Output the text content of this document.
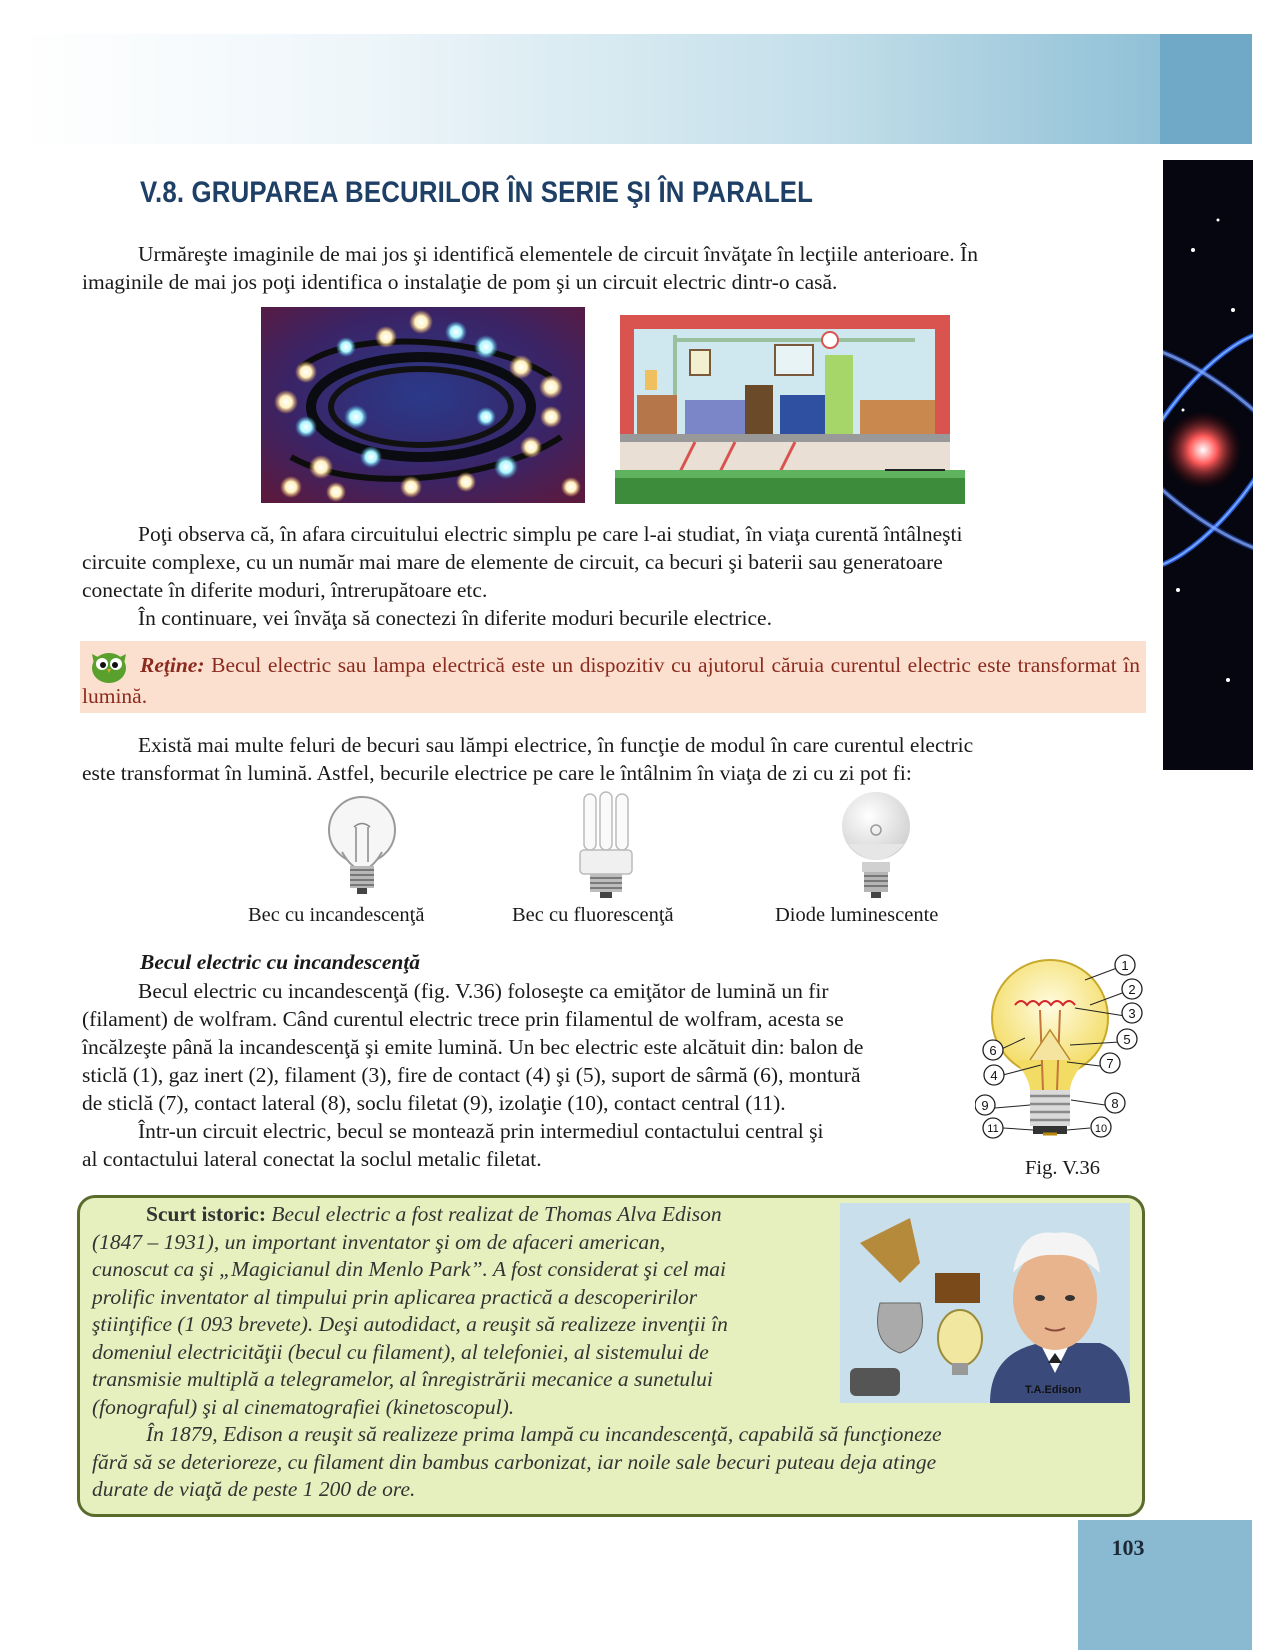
103
V.8. GRUPAREA BECURILOR ÎN SERIE ŞI ÎN PARALEL
Urmăreşte imaginile de mai jos şi identifică elementele de circuit învăţate în lecţiile anterioare. În
imaginile de mai jos poţi identifica o instalaţie de pom şi un circuit electric dintr-o casă.
Poţi observa că, în afara circuitului electric simplu pe care l-ai studiat, în viaţa curentă întâlneşti
circuite complexe, cu un număr mai mare de elemente de circuit, ca becuri şi baterii sau generatoare
conectate în diferite moduri, întrerupătoare etc.
În continuare, vei învăţa să conectezi în diferite moduri becurile electrice.

Reţine: Becul electric sau lampa electrică este un dispozitiv cu ajutorul căruia curentul electric este transformat în lumină.

Există mai multe feluri de becuri sau lămpi electrice, în funcţie de modul în care curentul electric
este transformat în lumină. Astfel, becurile electrice pe care le întâlnim în viaţa de zi cu zi pot fi:
Bec cu incandescenţă	Bec cu fluorescenţă	Diode luminescente
Becul electric cu incandescenţă
Becul electric cu incandescenţă (fig. V.36) foloseşte ca emiţător de lumină un fir
(filament) de wolfram. Când curentul electric trece prin filamentul de wolfram, acesta se
încălzeşte până la incandescenţă şi emite lumină. Un bec electric este alcătuit din: balon de
sticlă (1), gaz inert (2), filament (3), fire de contact (4) şi (5), suport de sârmă (6), montură
de sticlă (7), contact lateral (8), soclu filetat (9), izolaţie (10), contact central (11).
Într-un circuit electric, becul se montează prin intermediul contactului central şi
al contactului lateral conectat la soclul metalic filetat.
1
2
3
4
5
6
7
8
9
10
11
Fig. V.36
T.A.Edison

Scurt istoric: Becul electric a fost realizat de Thomas Alva Edison
(1847 – 1931), un important inventator şi om de afaceri american,
cunoscut ca şi „Magicianul din Menlo Park”. A fost considerat şi cel mai
prolific inventator al timpului prin aplicarea practică a descoperirilor
ştiinţifice (1 093 brevete). Deşi autodidact, a reuşit să realizeze invenţii în
domeniul electricităţii (becul cu filament), al telefoniei, al sistemului de
transmisie multiplă a telegramelor, al înregistrării mecanice a sunetului
(fonograful) şi al cinematografiei (kinetoscopul).

În 1879, Edison a reuşit să realizeze prima lampă cu incandescenţă, capabilă să funcţioneze
fără să se deterioreze, cu filament din bambus carbonizat, iar noile sale becuri puteau deja atinge
durate de viaţă de peste 1 200 de ore.
